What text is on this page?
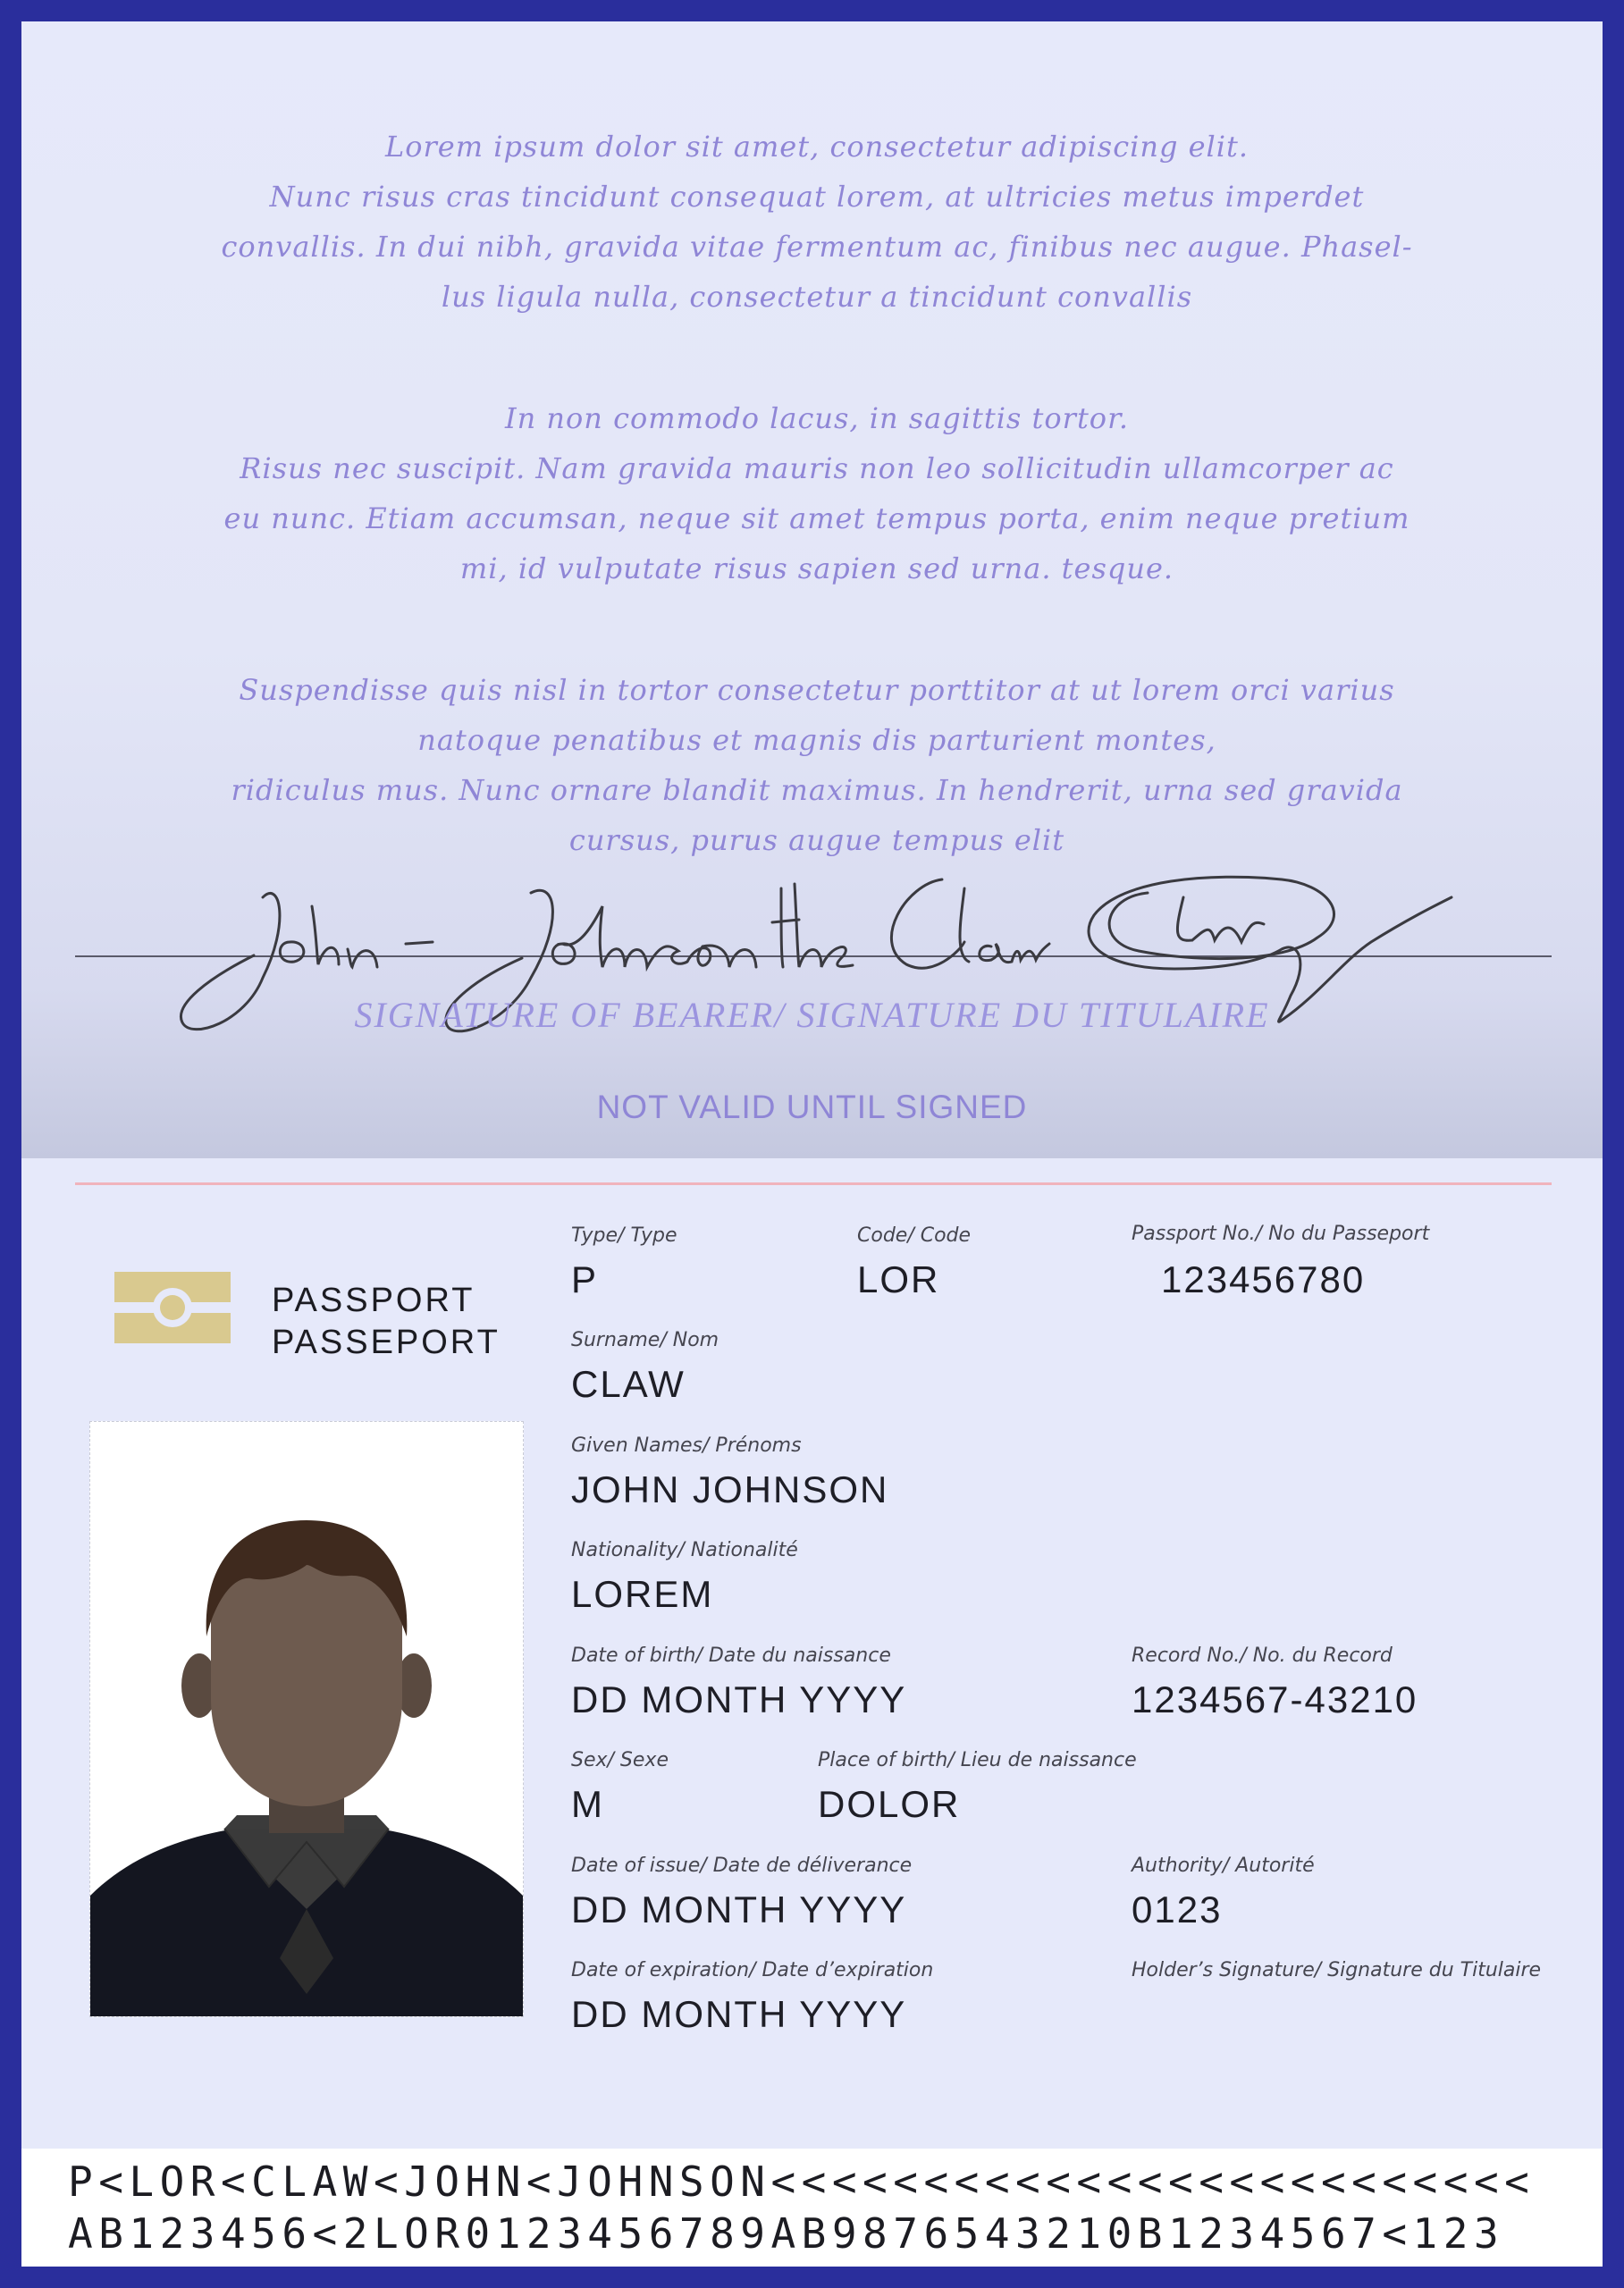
Lorem ipsum dolor sit amet, consectetur adipiscing elit.

Nunc risus cras tincidunt consequat lorem, at ultricies metus imperdet

convallis. In dui nibh, gravida vitae fermentum ac, finibus nec augue. Phasel-

lus ligula nulla, consectetur a tincidunt convallis

In non commodo lacus, in sagittis tortor.

Risus nec suscipit. Nam gravida mauris non leo sollicitudin ullamcorper ac

eu nunc. Etiam accumsan, neque sit amet tempus porta, enim neque pretium

mi, id vulputate risus sapien sed urna. tesque.

Suspendisse quis nisl in tortor consectetur porttitor at ut lorem orci varius

natoque penatibus et magnis dis parturient montes,

ridiculus mus. Nunc ornare blandit maximus. In hendrerit, urna sed gravida

cursus, purus augue tempus elit

SIGNATURE OF BEARER/ SIGNATURE DU TITULAIRE
NOT VALID UNTIL SIGNED
PASSPORT
PASSEPORT
Type/ Type
P
Code/ Code
LOR
Passport No./ No du Passeport
123456780
Surname/ Nom
CLAW
Given Names/ Prénoms
JOHN JOHNSON
Nationality/ Nationalité
LOREM
Date of birth/ Date du naissance
DD MONTH YYYY
Record No./ No. du Record
1234567-43210
Sex/ Sexe
M
Place of birth/ Lieu de naissance
DOLOR
Date of issue/ Date de déliverance
DD MONTH YYYY
Authority/ Autorité
0123
Date of expiration/ Date d’expiration
DD MONTH YYYY
Holder’s Signature/ Signature du Titulaire
P<LOR<CLAW<JOHN<JOHNSON<<<<<<<<<<<<<<<<<<<<<<<<<
AB123456<2LOR0123456789AB9876543210B1234567<123
